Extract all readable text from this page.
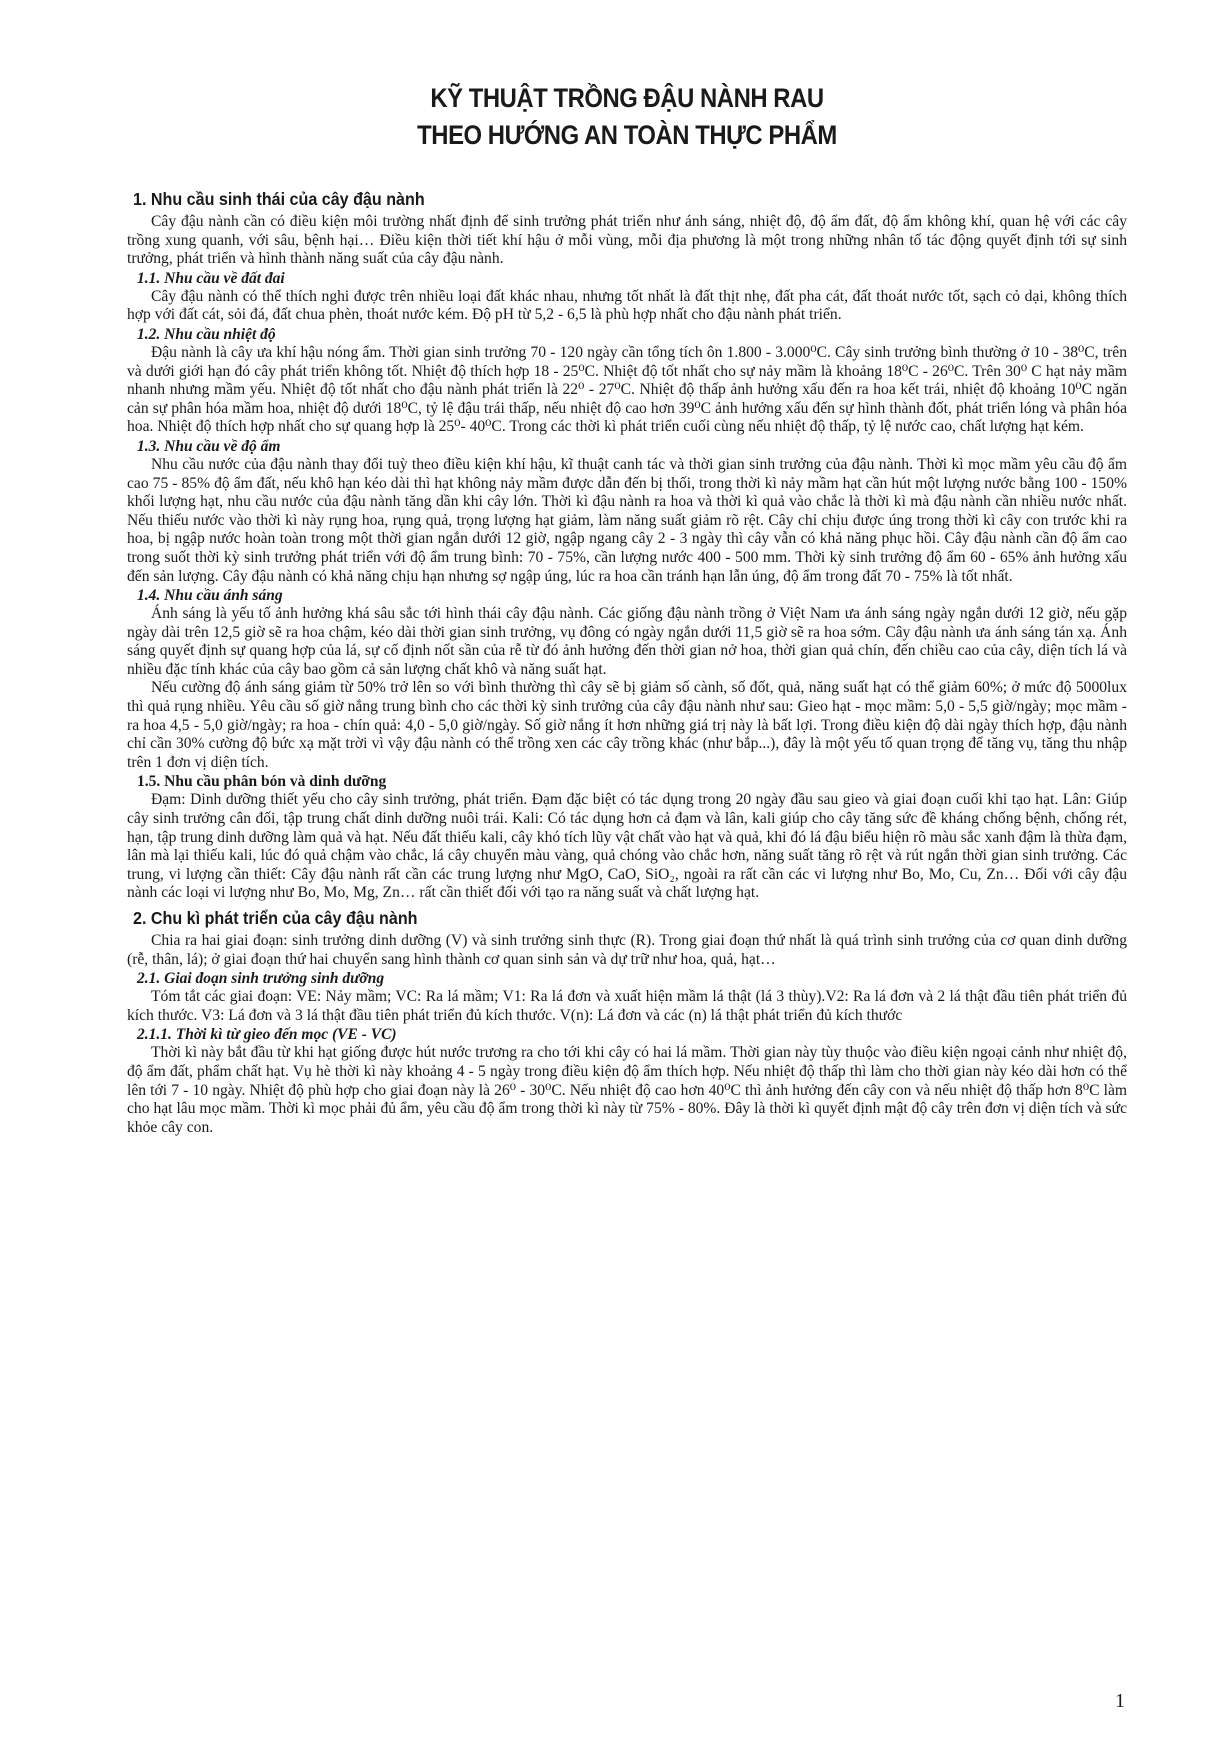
KỸ THUẬT TRỒNG ĐẬU NÀNH RAU
THEO HƯỚNG AN TOÀN THỰC PHẨM
1. Nhu cầu sinh thái của cây đậu nành

Cây đậu nành cần có điều kiện môi trường nhất định để sinh trưởng phát triển như ánh sáng, nhiệt độ, độ ẩm đất, độ ẩm không khí, quan hệ với các cây trồng xung quanh, với sâu, bệnh hại… Điều kiện thời tiết khí hậu ở mỗi vùng, mỗi địa phương là một trong những nhân tố tác động quyết định tới sự sinh trưởng, phát triển và hình thành năng suất của cây đậu nành.

1.1. Nhu cầu về đất đai

Cây đậu nành có thể thích nghi được trên nhiều loại đất khác nhau, nhưng tốt nhất là đất thịt nhẹ, đất pha cát, đất thoát nước tốt, sạch cỏ dại, không thích hợp với đất cát, sỏi đá, đất chua phèn, thoát nước kém. Độ pH từ 5,2 - 6,5 là phù hợp nhất cho đậu nành phát triển.

1.2. Nhu cầu nhiệt độ

Đậu nành là cây ưa khí hậu nóng ẩm. Thời gian sinh trưởng 70 - 120 ngày cần tổng tích ôn 1.800 - 3.000⁰C. Cây sinh trưởng bình thường ở 10 - 38⁰C, trên và dưới giới hạn đó cây phát triển không tốt. Nhiệt độ thích hợp 18 - 25⁰C. Nhiệt độ tốt nhất cho sự nảy mầm là khoảng 18⁰C - 26⁰C. Trên 30⁰ C hạt nảy mầm nhanh nhưng mầm yếu. Nhiệt độ tốt nhất cho đậu nành phát triển là 22⁰ - 27⁰C. Nhiệt độ thấp ảnh hưởng xấu đến ra hoa kết trái, nhiệt độ khoảng 10⁰C ngăn cản sự phân hóa mầm hoa, nhiệt độ dưới 18⁰C, tỷ lệ đậu trái thấp, nếu nhiệt độ cao hơn 39⁰C ảnh hưởng xấu đến sự hình thành đốt, phát triển lóng và phân hóa hoa. Nhiệt độ thích hợp nhất cho sự quang hợp là 25⁰- 40⁰C. Trong các thời kì phát triển cuối cùng nếu nhiệt độ thấp, tỷ lệ nước cao, chất lượng hạt kém.

1.3. Nhu cầu về độ ẩm

Nhu cầu nước của đậu nành thay đổi tuỳ theo điều kiện khí hậu, kĩ thuật canh tác và thời gian sinh trưởng của đậu nành. Thời kì mọc mầm yêu cầu độ ẩm cao 75 - 85% độ ẩm đất, nếu khô hạn kéo dài thì hạt không nảy mầm được dẫn đến bị thối, trong thời kì nảy mầm hạt cần hút một lượng nước bằng 100 - 150% khối lượng hạt, nhu cầu nước của đậu nành tăng dần khi cây lớn. Thời kì đậu nành ra hoa và thời kì quả vào chắc là thời kì mà đậu nành cần nhiều nước nhất. Nếu thiếu nước vào thời kì này rụng hoa, rụng quả, trọng lượng hạt giảm, làm năng suất giảm rõ rệt. Cây chỉ chịu được úng trong thời kì cây con trước khi ra hoa, bị ngập nước hoàn toàn trong một thời gian ngắn dưới 12 giờ, ngập ngang cây 2 - 3 ngày thì cây vẫn có khả năng phục hồi. Cây đậu nành cần độ ẩm cao trong suốt thời kỳ sinh trưởng phát triển với độ ẩm trung bình: 70 - 75%, cần lượng nước 400 - 500 mm. Thời kỳ sinh trưởng độ ẩm 60 - 65% ảnh hưởng xấu đến sản lượng. Cây đậu nành có khả năng chịu hạn nhưng sợ ngập úng, lúc ra hoa cần tránh hạn lẫn úng, độ ẩm trong đất 70 - 75% là tốt nhất.

1.4. Nhu cầu ánh sáng

Ánh sáng là yếu tố ảnh hưởng khá sâu sắc tới hình thái cây đậu nành. Các giống đậu nành trồng ở Việt Nam ưa ánh sáng ngày ngắn dưới 12 giờ, nếu gặp ngày dài trên 12,5 giờ sẽ ra hoa chậm, kéo dài thời gian sinh trưởng, vụ đông có ngày ngắn dưới 11,5 giờ sẽ ra hoa sớm. Cây đậu nành ưa ánh sáng tán xạ. Ánh sáng quyết định sự quang hợp của lá, sự cố định nốt sần của rễ từ đó ảnh hưởng đến thời gian nở hoa, thời gian quả chín, đến chiều cao của cây, diện tích lá và nhiều đặc tính khác của cây bao gồm cả sản lượng chất khô và năng suất hạt.

Nếu cường độ ánh sáng giảm từ 50% trở lên so với bình thường thì cây sẽ bị giảm số cành, số đốt, quả, năng suất hạt có thể giảm 60%; ở mức độ 5000lux thì quả rụng nhiều. Yêu cầu số giờ nắng trung bình cho các thời kỳ sinh trưởng của cây đậu nành như sau: Gieo hạt - mọc mầm: 5,0 - 5,5 giờ/ngày; mọc mầm - ra hoa 4,5 - 5,0 giờ/ngày; ra hoa - chín quả: 4,0 - 5,0 giờ/ngày. Số giờ nắng ít hơn những giá trị này là bất lợi. Trong điều kiện độ dài ngày thích hợp, đậu nành chỉ cần 30% cường độ bức xạ mặt trời vì vậy đậu nành có thể trồng xen các cây trồng khác (như bắp...), đây là một yếu tố quan trọng để tăng vụ, tăng thu nhập trên 1 đơn vị diện tích.

1.5. Nhu cầu phân bón và dinh dưỡng

Đạm: Dinh dưỡng thiết yếu cho cây sinh trưởng, phát triển. Đạm đặc biệt có tác dụng trong 20 ngày đầu sau gieo và giai đoạn cuối khi tạo hạt. Lân: Giúp cây sinh trưởng cân đối, tập trung chất dinh dưỡng nuôi trái. Kali: Có tác dụng hơn cả đạm và lân, kali giúp cho cây tăng sức đề kháng chống bệnh, chống rét, hạn, tập trung dinh dưỡng làm quả và hạt. Nếu đất thiếu kali, cây khó tích lũy vật chất vào hạt và quả, khi đó lá đậu biểu hiện rõ màu sắc xanh đậm là thừa đạm, lân mà lại thiếu kali, lúc đó quả chậm vào chắc, lá cây chuyển màu vàng, quả chóng vào chắc hơn, năng suất tăng rõ rệt và rút ngắn thời gian sinh trưởng. Các trung, vi lượng cần thiết: Cây đậu nành rất cần các trung lượng như MgO, CaO, SiO₂, ngoài ra rất cần các vi lượng như Bo, Mo, Cu, Zn… Đối với cây đậu nành các loại vi lượng như Bo, Mo, Mg, Zn… rất cần thiết đối với tạo ra năng suất và chất lượng hạt.

2. Chu kì phát triển của cây đậu nành

Chia ra hai giai đoạn: sinh trưởng dinh dưỡng (V) và sinh trưởng sinh thực (R). Trong giai đoạn thứ nhất là quá trình sinh trưởng của cơ quan dinh dưỡng (rễ, thân, lá); ở giai đoạn thứ hai chuyển sang hình thành cơ quan sinh sản và dự trữ như hoa, quả, hạt…

2.1. Giai đoạn sinh trưởng sinh dưỡng

Tóm tắt các giai đoạn: VE: Nảy mầm; VC: Ra lá mầm; V1: Ra lá đơn và xuất hiện mầm lá thật (lá 3 thùy).V2: Ra lá đơn và 2 lá thật đầu tiên phát triển đủ kích thước. V3: Lá đơn và 3 lá thật đầu tiên phát triển đủ kích thước. V(n): Lá đơn và các (n) lá thật phát triển đủ kích thước

2.1.1. Thời kì từ gieo đến mọc (VE - VC)

Thời kì này bắt đầu từ khi hạt giống được hút nước trương ra cho tới khi cây có hai lá mầm. Thời gian này tùy thuộc vào điều kiện ngoại cảnh như nhiệt độ, độ ẩm đất, phẩm chất hạt. Vụ hè thời kì này khoảng 4 - 5 ngày trong điều kiện độ ẩm thích hợp. Nếu nhiệt độ thấp thì làm cho thời gian này kéo dài hơn có thể lên tới 7 - 10 ngày. Nhiệt độ phù hợp cho giai đoạn này là 26⁰ - 30⁰C. Nếu nhiệt độ cao hơn 40⁰C thì ảnh hưởng đến cây con và nếu nhiệt độ thấp hơn 8⁰C làm cho hạt lâu mọc mầm. Thời kì mọc phải đủ ẩm, yêu cầu độ ẩm trong thời kì này từ 75% - 80%. Đây là thời kì quyết định mật độ cây trên đơn vị diện tích và sức khỏe cây con.

1
